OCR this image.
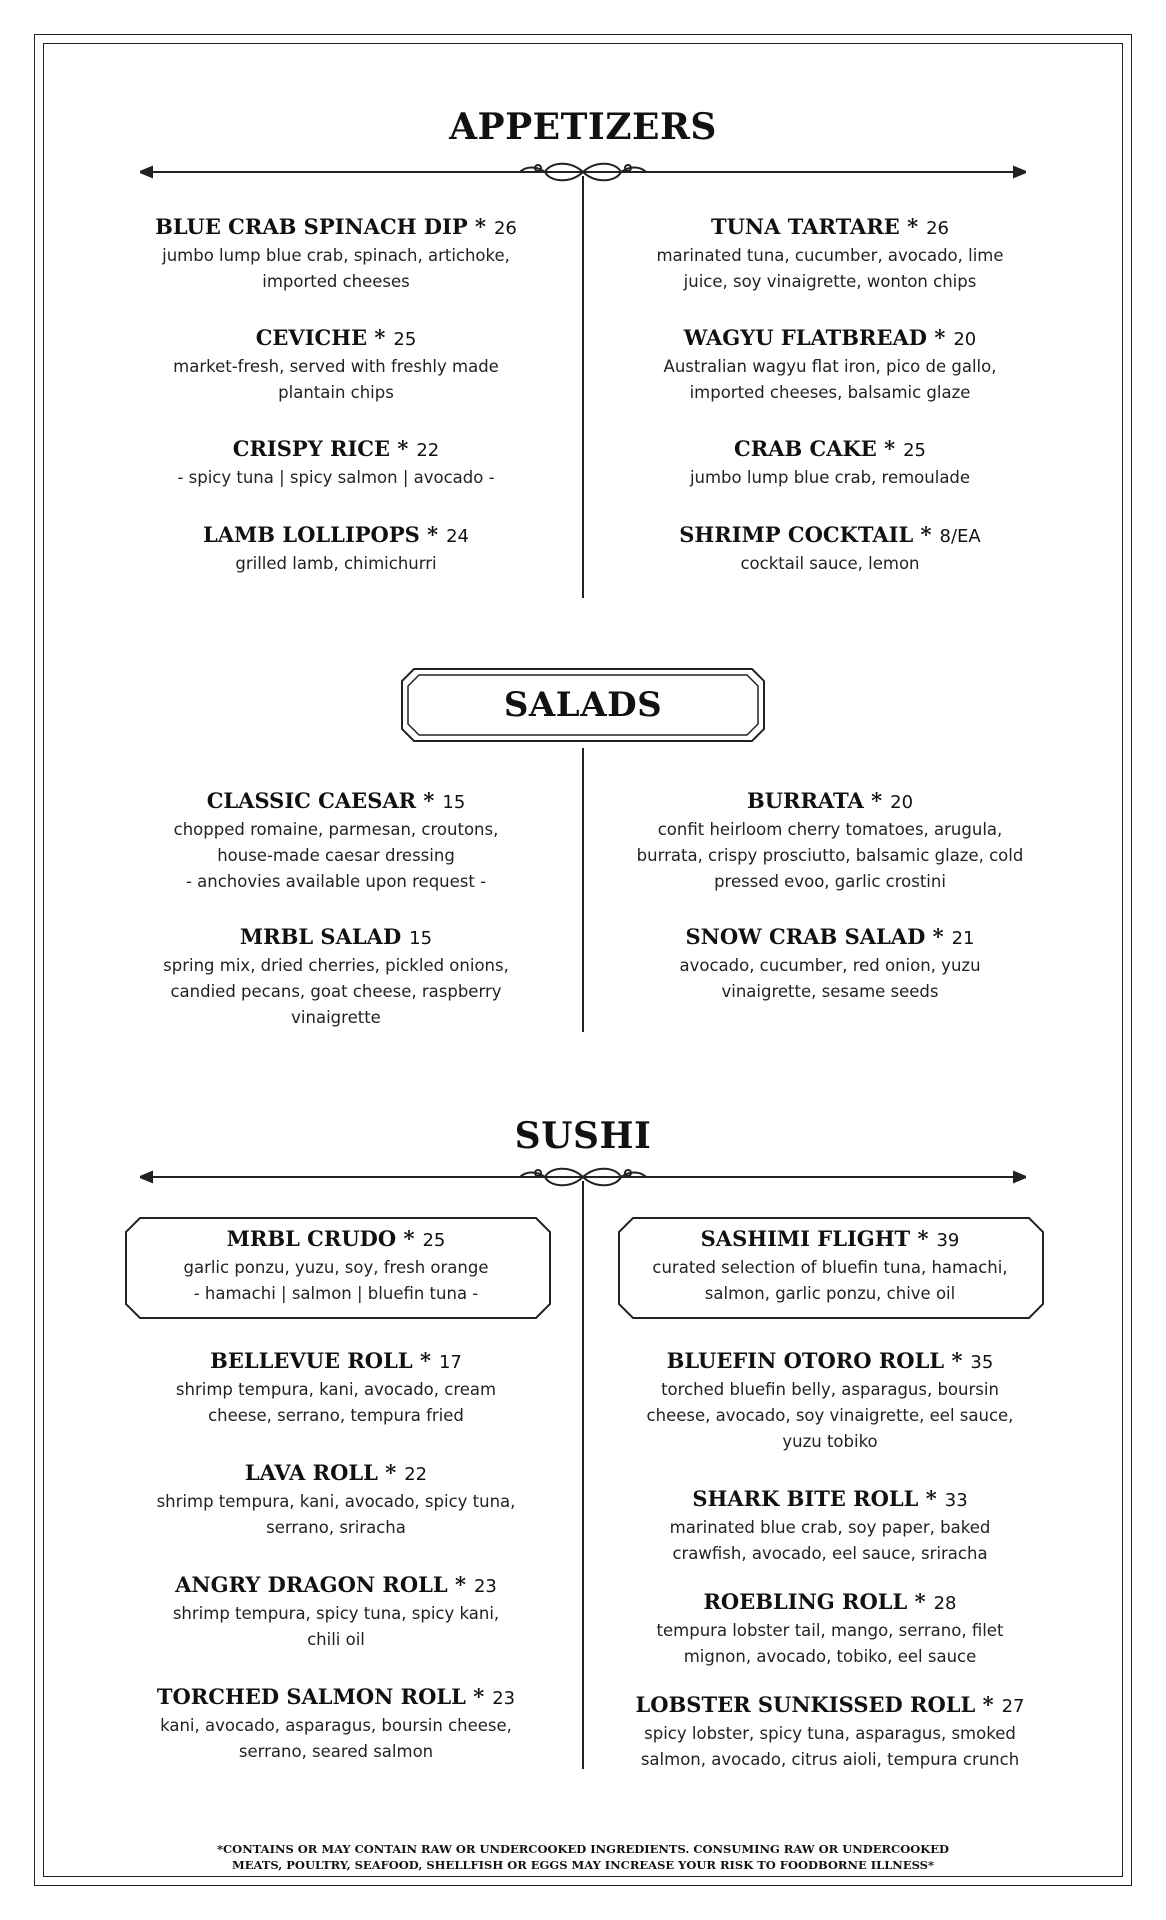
APPETIZERS
BLUE CRAB SPINACH DIP * 26
jumbo lump blue crab, spinach, artichoke,
imported cheeses
CEVICHE * 25
market-fresh, served with freshly made
plantain chips
CRISPY RICE * 22
- spicy tuna | spicy salmon | avocado -
LAMB LOLLIPOPS * 24
grilled lamb, chimichurri
TUNA TARTARE * 26
marinated tuna, cucumber, avocado, lime
juice, soy vinaigrette, wonton chips
WAGYU FLATBREAD * 20
Australian wagyu flat iron, pico de gallo,
imported cheeses, balsamic glaze
CRAB CAKE * 25
jumbo lump blue crab, remoulade
SHRIMP COCKTAIL * 8/EA
cocktail sauce, lemon
SALADS
CLASSIC CAESAR * 15
chopped romaine, parmesan, croutons,
house-made caesar dressing
- anchovies available upon request -
MRBL SALAD 15
spring mix, dried cherries, pickled onions,
candied pecans, goat cheese, raspberry
vinaigrette
BURRATA * 20
confit heirloom cherry tomatoes, arugula,
burrata, crispy prosciutto, balsamic glaze, cold
pressed evoo, garlic crostini
SNOW CRAB SALAD * 21
avocado, cucumber, red onion, yuzu
vinaigrette, sesame seeds
SUSHI
MRBL CRUDO * 25
garlic ponzu, yuzu, soy, fresh orange
- hamachi | salmon | bluefin tuna -
BELLEVUE ROLL * 17
shrimp tempura, kani, avocado, cream
cheese, serrano, tempura fried
LAVA ROLL * 22
shrimp tempura, kani, avocado, spicy tuna,
serrano, sriracha
ANGRY DRAGON ROLL * 23
shrimp tempura, spicy tuna, spicy kani,
chili oil
TORCHED SALMON ROLL * 23
kani, avocado, asparagus, boursin cheese,
serrano, seared salmon
SASHIMI FLIGHT * 39
curated selection of bluefin tuna, hamachi,
salmon, garlic ponzu, chive oil
BLUEFIN OTORO ROLL * 35
torched bluefin belly, asparagus, boursin
cheese, avocado, soy vinaigrette, eel sauce,
yuzu tobiko
SHARK BITE ROLL * 33
marinated blue crab, soy paper, baked
crawfish, avocado, eel sauce, sriracha
ROEBLING ROLL * 28
tempura lobster tail, mango, serrano, filet
mignon, avocado, tobiko, eel sauce
LOBSTER SUNKISSED ROLL * 27
spicy lobster, spicy tuna, asparagus, smoked
salmon, avocado, citrus aioli, tempura crunch
*CONTAINS OR MAY CONTAIN RAW OR UNDERCOOKED INGREDIENTS. CONSUMING RAW OR UNDERCOOKED
MEATS, POULTRY, SEAFOOD, SHELLFISH OR EGGS MAY INCREASE YOUR RISK TO FOODBORNE ILLNESS*
